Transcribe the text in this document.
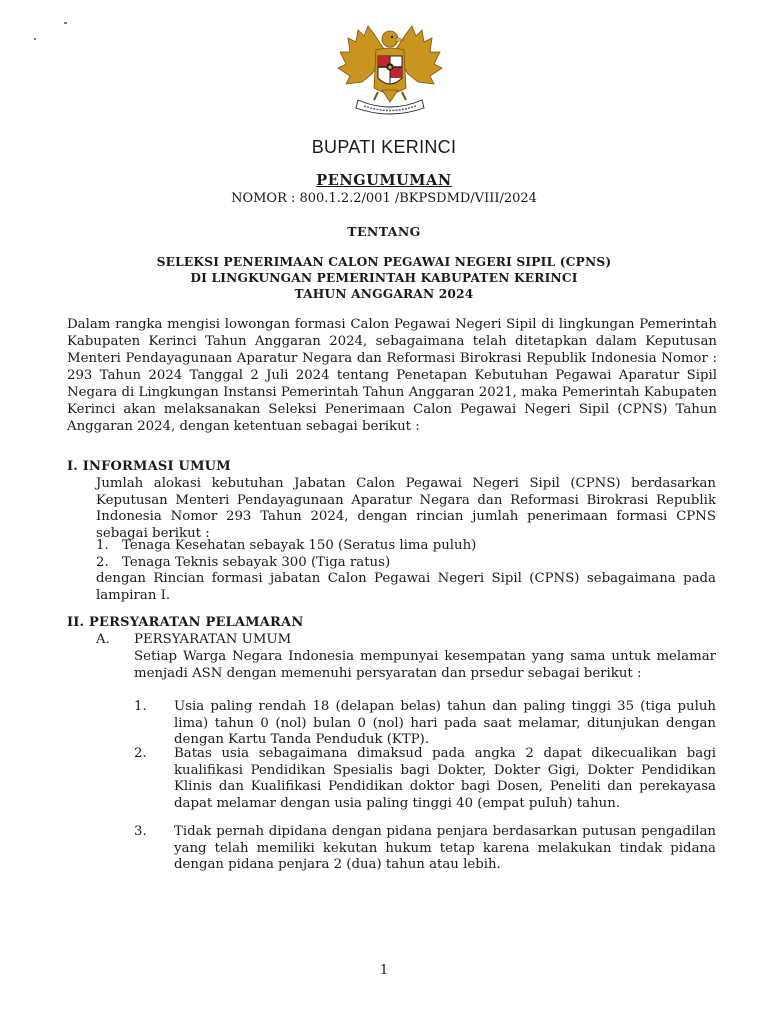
BUPATI KERINCI
PENGUMUMAN
NOMOR : 800.1.2.2/001 /BKPSDMD/VIII/2024
TENTANG
SELEKSI PENERIMAAN CALON PEGAWAI NEGERI SIPIL (CPNS)
DI LINGKUNGAN PEMERINTAH KABUPATEN KERINCI
TAHUN ANGGARAN 2024
Dalam rangka mengisi lowongan formasi Calon Pegawai Negeri Sipil di lingkungan Pemerintah Kabupaten Kerinci Tahun Anggaran 2024, sebagaimana telah ditetapkan dalam Keputusan Menteri Pendayagunaan Aparatur Negara dan Reformasi Birokrasi Republik Indonesia Nomor : 293 Tahun 2024 Tanggal 2 Juli 2024 tentang Penetapan Kebutuhan Pegawai Aparatur Sipil Negara di Lingkungan Instansi Pemerintah Tahun Anggaran 2021, maka Pemerintah Kabupaten Kerinci akan melaksanakan Seleksi Penerimaan Calon Pegawai Negeri Sipil (CPNS) Tahun Anggaran 2024, dengan ketentuan sebagai berikut :
I. INFORMASI UMUM
Jumlah alokasi kebutuhan Jabatan Calon Pegawai Negeri Sipil (CPNS) berdasarkan Keputusan Menteri Pendayagunaan Aparatur Negara dan Reformasi Birokrasi Republik Indonesia Nomor 293 Tahun 2024, dengan rincian jumlah penerimaan formasi CPNS sebagai berikut :
1. Tenaga Kesehatan sebayak 150 (Seratus lima puluh)
2. Tenaga Teknis sebayak 300 (Tiga ratus)
dengan Rincian formasi jabatan Calon Pegawai Negeri Sipil (CPNS) sebagaimana pada lampiran I.
II. PERSYARATAN PELAMARAN
A. PERSYARATAN UMUM
Setiap Warga Negara Indonesia mempunyai kesempatan yang sama untuk melamar menjadi ASN dengan memenuhi persyaratan dan prsedur sebagai berikut :
1.	Usia paling rendah 18 (delapan belas) tahun dan paling tinggi 35 (tiga puluh lima) tahun 0 (nol) bulan 0 (nol) hari pada saat melamar, ditunjukan dengan dengan Kartu Tanda Penduduk (KTP).
2.	Batas usia sebagaimana dimaksud pada angka 2 dapat dikecualikan bagi kualifikasi Pendidikan Spesialis bagi Dokter, Dokter Gigi, Dokter Pendidikan Klinis dan Kualifikasi Pendidikan doktor bagi Dosen, Peneliti dan perekayasa dapat melamar dengan usia paling tinggi 40 (empat puluh) tahun.
3.	Tidak pernah dipidana dengan pidana penjara berdasarkan putusan pengadilan yang telah memiliki kekutan hukum tetap karena melakukan tindak pidana dengan pidana penjara 2 (dua) tahun atau lebih.
1
